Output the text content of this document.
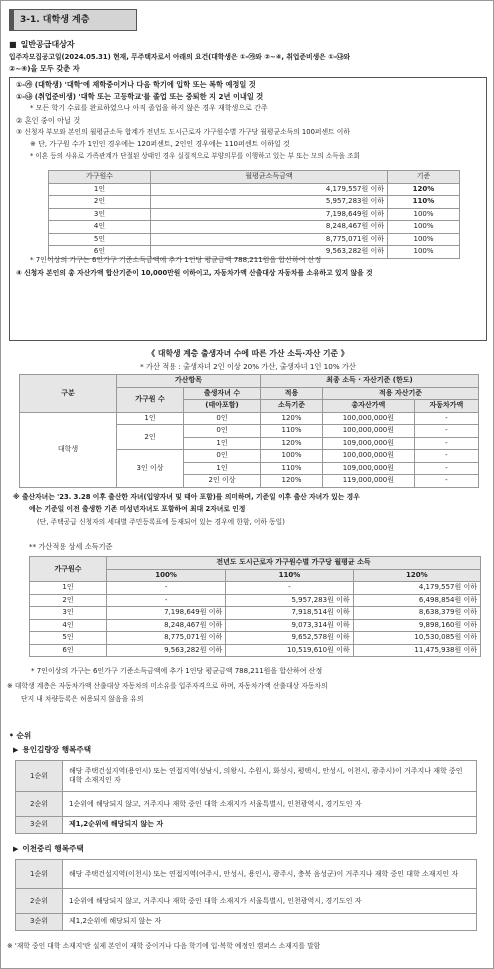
3-1. 대학생 계층
■ 일반공급대상자
입주자모집공고일(2024.05.31) 현재, 무주택자로서 아래의 요건(대학생은 ①-㉮와 ②~④, 취업준비생은 ①-㉯와
②~④)을 모두 갖춘 자
①-㉮ (대학생) '대학'에 재학중이거나 다음 학기에 입학 또는 복학 예정일 것
①-㉯ (취업준비생) '대학 또는 고등학교'를 졸업 또는 중퇴한 지 2년 이내일 것
* 모든 학기 수료를 완료하였으나 아직 졸업을 하지 않은 경우 재학생으로 간주
② 혼인 중이 아닐 것
③ 신청자 부모와 본인의 월평균소득 합계가 전년도 도시근로자 가구원수별 가구당 월평균소득의 100퍼센트 이하
※ 단, 가구원 수가 1인인 경우에는 120퍼센트, 2인인 경우에는 110퍼센트 이하일 것
* 이혼 등의 사유로 가족관계가 단절된 상태인 경우 실질적으로 부양의무를 이행하고 있는 부 또는 모의 소득을 조회
가구원수	월평균소득금액	기준
1인	4,179,557원 이하	120%
2인	5,957,283원 이하	110%
3인	7,198,649원 이하	100%
4인	8,248,467원 이하	100%
5인	8,775,071원 이하	100%
6인	9,563,282원 이하	100%
* 7인이상의 가구는 6인가구 기준소득금액에 추가 1인당 평균금액 788,211원을 합산하여 산정
④ 신청자 본인의 총 자산가액 합산기준이 10,000만원 이하이고, 자동차가액 산출대상 자동차를 소유하고 있지 않을 것
《 대학생 계층 출생자녀 수에 따른 가산 소득·자산 기준 》
* 가산 적용 : 출생자녀 2인 이상 20% 가산, 출생자녀 1인 10% 가산
구분	가산항목		최종 소득 · 자산기준 (한도)		
	가구원 수	출생자녀 수	적용	적용 자산기준	
		(태아포함)	소득기준	총자산가액	자동차가액
대학생	1인	0인	120%	100,000,000원	-
	2인	0인	110%	100,000,000원	-
		1인	120%	109,000,000원	-
	3인 이상	0인	100%	100,000,000원	-
		1인	110%	109,000,000원	-
		2인 이상	120%	119,000,000원	-
※ 출산자녀는 '23. 3.28 이후 출산한 자녀(입양자녀 및 태아 포함)를 의미하며, 기준일 이후 출산 자녀가 있는 경우
에는 기준일 이전 출생한 기존 미성년자녀도 포함하여 최대 2자녀로 인정
(단, 주택공급 신청자의 세대별 주민등록표에 등재되어 있는 경우에 한함, 이하 동일)
** 가산적용 상세 소득기준
가구원수	전년도 도시근로자 가구원수별 가구당 월평균 소득		
	100%	110%	120%
1인	-	-	4,179,557원 이하
2인	-	5,957,283원 이하	6,498,854원 이하
3인	7,198,649원 이하	7,918,514원 이하	8,638,379원 이하
4인	8,248,467원 이하	9,073,314원 이하	9,898,160원 이하
5인	8,775,071원 이하	9,652,578원 이하	10,530,085원 이하
6인	9,563,282원 이하	10,519,610원 이하	11,475,938원 이하
* 7인이상의 가구는 6인가구 기준소득금액에 추가 1인당 평균금액 788,211원을 합산하여 산정
※ 대학생 계층은 자동차가액 산출대상 자동차의 미소유를 입주자격으로 하며, 자동차가액 산출대상 자동차의
단지 내 차량등록은 허용되지 않음을 유의
• 순위
▶ 용인김량장 행복주택
1순위	해당 주택건설지역(용인시) 또는 연접지역(성남시, 의왕시, 수원시, 화성시, 평택시, 안성시, 이천시, 광주시)이 거주지나 재학 중인 대학 소재지인 자
2순위	1순위에 해당되지 않고, 거주지나 재학 중인 대학 소재지가 서울특별시, 인천광역시, 경기도인 자
3순위	제1,2순위에 해당되지 않는 자
▶ 이천중리 행복주택
1순위	해당 주택건설지역(이천시) 또는 연접지역(여주시, 안성시, 용인시, 광주시, 충북 음성군)이 거주지나 재학 중인 대학 소재지인 자
2순위	1순위에 해당되지 않고, 거주지나 재학 중인 대학 소재지가 서울특별시, 인천광역시, 경기도인 자
3순위	제1,2순위에 해당되지 않는 자
※ '재학 중인 대학 소재지'란 실제 본인이 재학 중이거나 다음 학기에 입·복학 예정인 캠퍼스 소재지를 말함
